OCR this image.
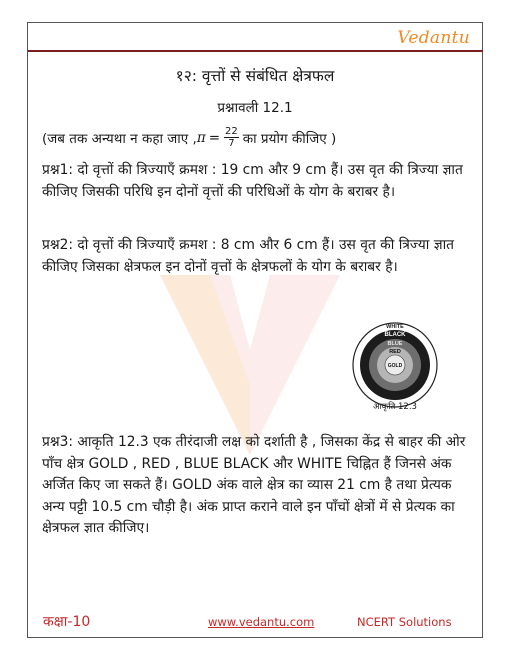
Vedantu
१२: वृत्तों से संबंधित क्षेत्रफल
प्रश्नावली 12.1
(जब तक अन्यथा न कहा जाए , $\pi = \frac{22}{7}$ का प्रयोग कीजिए )
प्रश्न1: दो वृत्तों की त्रिज्याएँ क्रमश : 19 cm और 9 cm हैं। उस वृत की त्रिज्या ज्ञात कीजिए जिसकी परिधि इन दोनों वृत्तों की परिधिओं के योग के बराबर है।
प्रश्न2: दो वृत्तों की त्रिज्याएँ क्रमश : 8 cm और 6 cm हैं। उस वृत की त्रिज्या ज्ञात कीजिए जिसका क्षेत्रफल इन दोनों वृत्तों के क्षेत्रफलों के योग के बराबर है।
WHITE
BLACK
BLUE
RED
GOLD
आकृति 12.3
प्रश्न3: आकृति 12.3 एक तीरंदाजी लक्ष को दर्शाती है , जिसका केंद्र से बाहर की ओर पाँच क्षेत्र GOLD , RED , BLUE BLACK और WHITE चिह्नित हैं जिनसे अंक अर्जित किए जा सकते हैं। GOLD अंक वाले क्षेत्र का व्यास 21 cm है तथा प्रेत्यक अन्य पट्टी 10.5 cm चौड़ी है। अंक प्राप्त कराने वाले इन पाँचों क्षेत्रों में से प्रेत्यक का क्षेत्रफल ज्ञात कीजिए।
कक्षा-10	www.vedantu.com	NCERT Solutions
